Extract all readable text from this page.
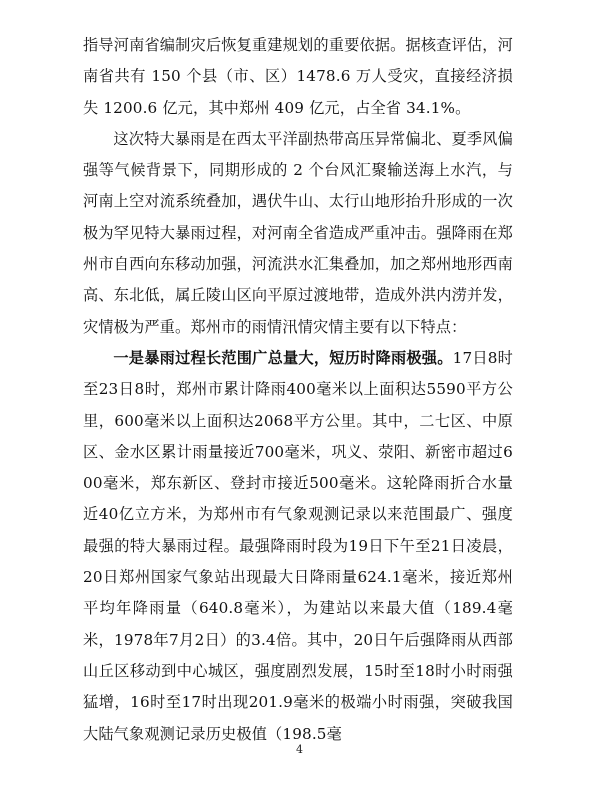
指导河南省编制灾后恢复重建规划的重要依据。据核查评估，河南省共有 150 个县（市、区）1478.6 万人受灾，直接经济损失 1200.6 亿元，其中郑州 409 亿元，占全省 34.1%。

这次特大暴雨是在西太平洋副热带高压异常偏北、夏季风偏强等气候背景下，同期形成的 2 个台风汇聚输送海上水汽，与河南上空对流系统叠加，遇伏牛山、太行山地形抬升形成的一次极为罕见特大暴雨过程，对河南全省造成严重冲击。强降雨在郑州市自西向东移动加强，河流洪水汇集叠加，加之郑州地形西南高、东北低，属丘陵山区向平原过渡地带，造成外洪内涝并发，灾情极为严重。郑州市的雨情汛情灾情主要有以下特点：

一是暴雨过程长范围广总量大，短历时降雨极强。17日8时至23日8时，郑州市累计降雨400毫米以上面积达5590平方公里，600毫米以上面积达2068平方公里。其中，二七区、中原区、金水区累计雨量接近700毫米，巩义、荥阳、新密市超过600毫米，郑东新区、登封市接近500毫米。这轮降雨折合水量近40亿立方米，为郑州市有气象观测记录以来范围最广、强度最强的特大暴雨过程。最强降雨时段为19日下午至21日凌晨，20日郑州国家气象站出现最大日降雨量624.1毫米，接近郑州平均年降雨量（640.8毫米），为建站以来最大值（189.4毫米，1978年7月2日）的3.4倍。其中，20日午后强降雨从西部山丘区移动到中心城区，强度剧烈发展，15时至18时小时雨强猛增，16时至17时出现201.9毫米的极端小时雨强，突破我国大陆气象观测记录历史极值（198.5毫

4
